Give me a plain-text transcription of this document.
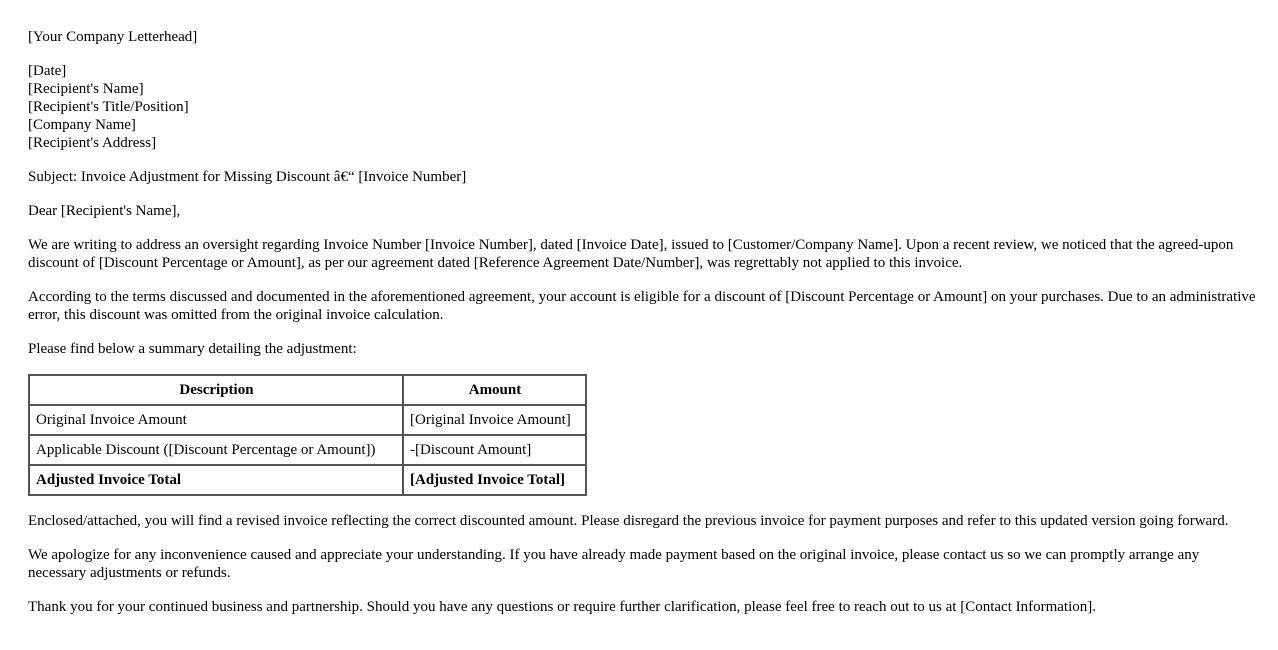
[Your Company Letterhead]

[Date]
[Recipient's Name]
[Recipient's Title/Position]
[Company Name]
[Recipient's Address]

Subject: Invoice Adjustment for Missing Discount â€“ [Invoice Number]

Dear [Recipient's Name],

We are writing to address an oversight regarding Invoice Number [Invoice Number], dated [Invoice Date], issued to [Customer/Company Name]. Upon a recent review, we noticed that the agreed-upon discount of [Discount Percentage or Amount], as per our agreement dated [Reference Agreement Date/Number], was regrettably not applied to this invoice.

According to the terms discussed and documented in the aforementioned agreement, your account is eligible for a discount of [Discount Percentage or Amount] on your purchases. Due to an administrative error, this discount was omitted from the original invoice calculation.

Please find below a summary detailing the adjustment:

Description	Amount
Original Invoice Amount	[Original Invoice Amount]
Applicable Discount ([Discount Percentage or Amount])	-[Discount Amount]
Adjusted Invoice Total	[Adjusted Invoice Total]

Enclosed/attached, you will find a revised invoice reflecting the correct discounted amount. Please disregard the previous invoice for payment purposes and refer to this updated version going forward.

We apologize for any inconvenience caused and appreciate your understanding. If you have already made payment based on the original invoice, please contact us so we can promptly arrange any necessary adjustments or refunds.

Thank you for your continued business and partnership. Should you have any questions or require further clarification, please feel free to reach out to us at [Contact Information].
